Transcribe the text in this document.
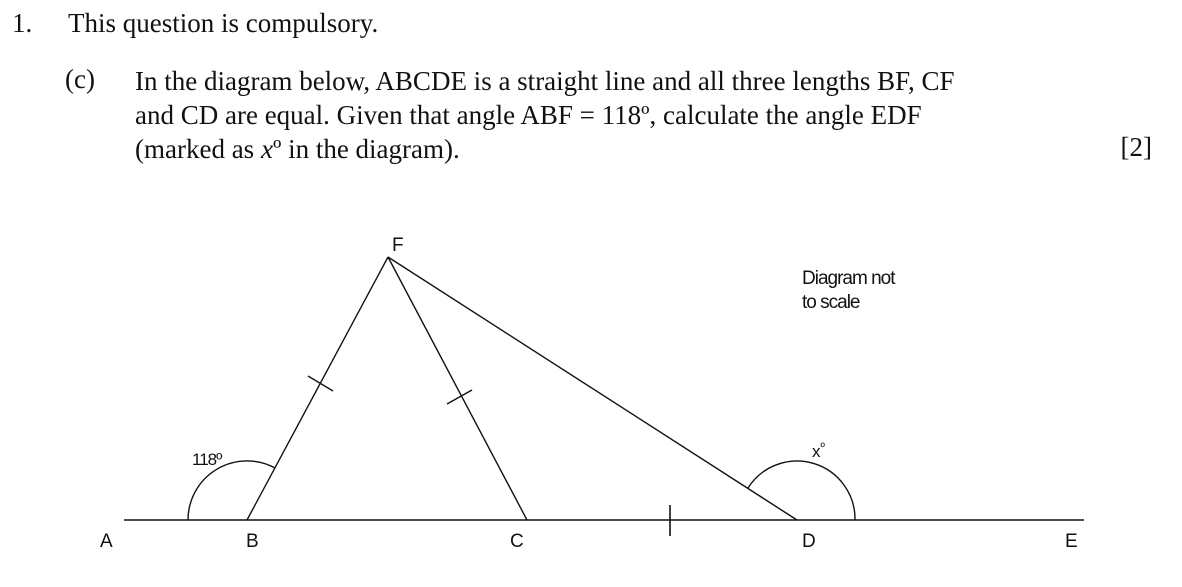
1. This question is compulsory.
(c) In the diagram below, ABCDE is a straight line and all three lengths BF, CF
and CD are equal. Given that angle ABF = 118º, calculate the angle EDF
(marked as xº in the diagram).	[2]
A	B	C	D	E
F
118º	$x^º$
Diagram not
to scale
